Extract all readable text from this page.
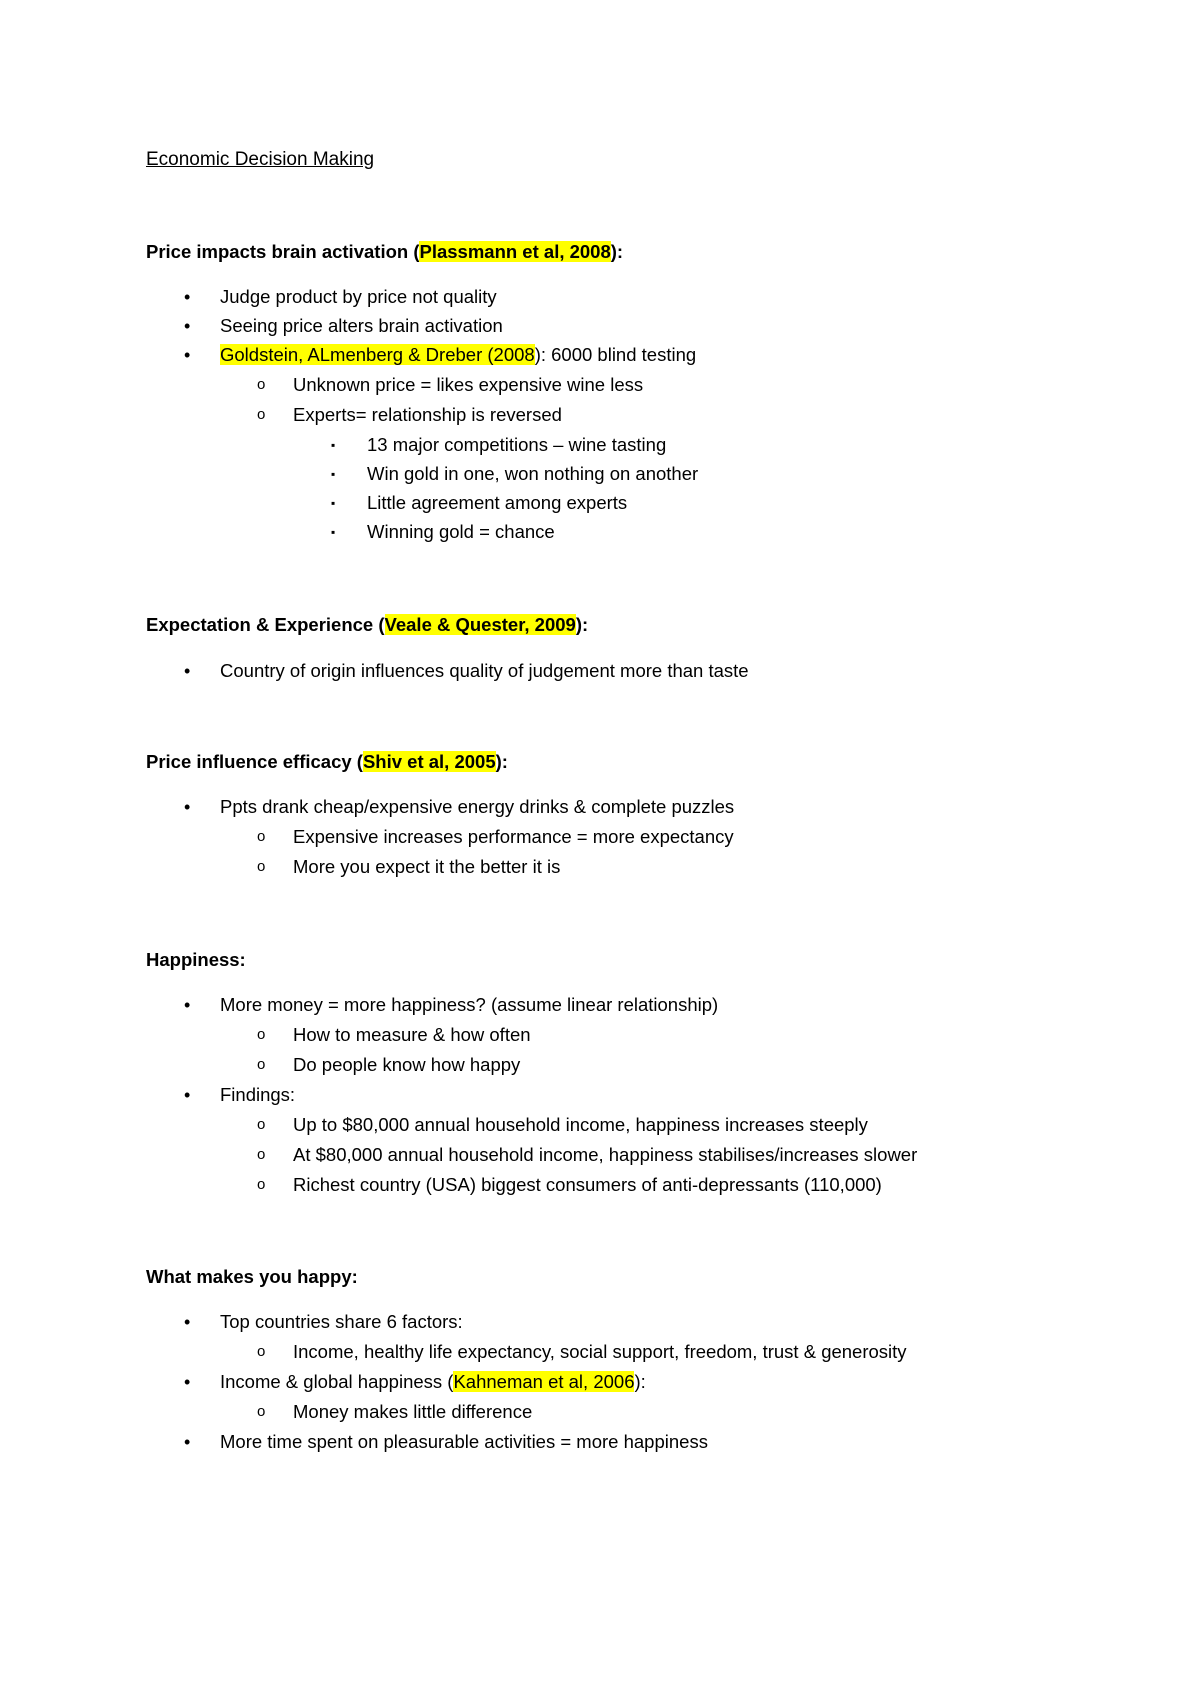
Economic Decision Making
Price impacts brain activation (Plassmann et al, 2008):
• Judge product by price not quality
• Seeing price alters brain activation
• Goldstein, ALmenberg & Dreber (2008): 6000 blind testing
o Unknown price = likes expensive wine less
o Experts= relationship is reversed
▪ 13 major competitions – wine tasting
▪ Win gold in one, won nothing on another
▪ Little agreement among experts
▪ Winning gold = chance
Expectation & Experience (Veale & Quester, 2009):
• Country of origin influences quality of judgement more than taste
Price influence efficacy (Shiv et al, 2005):
• Ppts drank cheap/expensive energy drinks & complete puzzles
o Expensive increases performance = more expectancy
o More you expect it the better it is
Happiness:
• More money = more happiness? (assume linear relationship)
o How to measure & how often
o Do people know how happy
• Findings:
o Up to $80,000 annual household income, happiness increases steeply
o At $80,000 annual household income, happiness stabilises/increases slower
o Richest country (USA) biggest consumers of anti-depressants (110,000)
What makes you happy:
• Top countries share 6 factors:
o Income, healthy life expectancy, social support, freedom, trust & generosity
• Income & global happiness (Kahneman et al, 2006):
o Money makes little difference
• More time spent on pleasurable activities = more happiness
